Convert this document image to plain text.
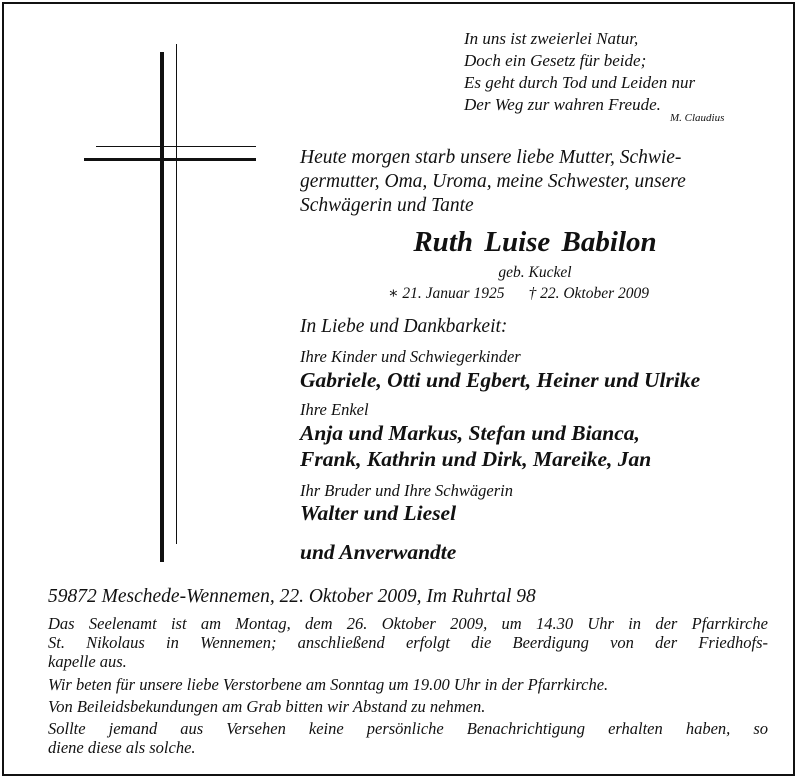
In uns ist zweierlei Natur,
Doch ein Gesetz für beide;
Es geht durch Tod und Leiden nur
Der Weg zur wahren Freude.
M. Claudius
Heute morgen starb unsere liebe Mutter, Schwie-
germutter, Oma, Uroma, meine Schwester, unsere
Schwägerin und Tante
Ruth Luise Babilon
geb. Kuckel
∗ 21. Januar 1925 † 22. Oktober 2009
In Liebe und Dankbarkeit:
Ihre Kinder und Schwiegerkinder
Gabriele, Otti und Egbert, Heiner und Ulrike
Ihre Enkel
Anja und Markus, Stefan und Bianca,
Frank, Kathrin und Dirk, Mareike, Jan
Ihr Bruder und Ihre Schwägerin
Walter und Liesel
und Anverwandte
59872 Meschede-Wennemen, 22. Oktober 2009, Im Ruhrtal 98
Das Seelenamt ist am Montag, dem 26. Oktober 2009, um 14.30 Uhr in der Pfarrkirche
St. Nikolaus in Wennemen; anschließend erfolgt die Beerdigung von der Friedhofs-
kapelle aus.
Wir beten für unsere liebe Verstorbene am Sonntag um 19.00 Uhr in der Pfarrkirche.
Von Beileidsbekundungen am Grab bitten wir Abstand zu nehmen.
Sollte jemand aus Versehen keine persönliche Benachrichtigung erhalten haben, so
diene diese als solche.
